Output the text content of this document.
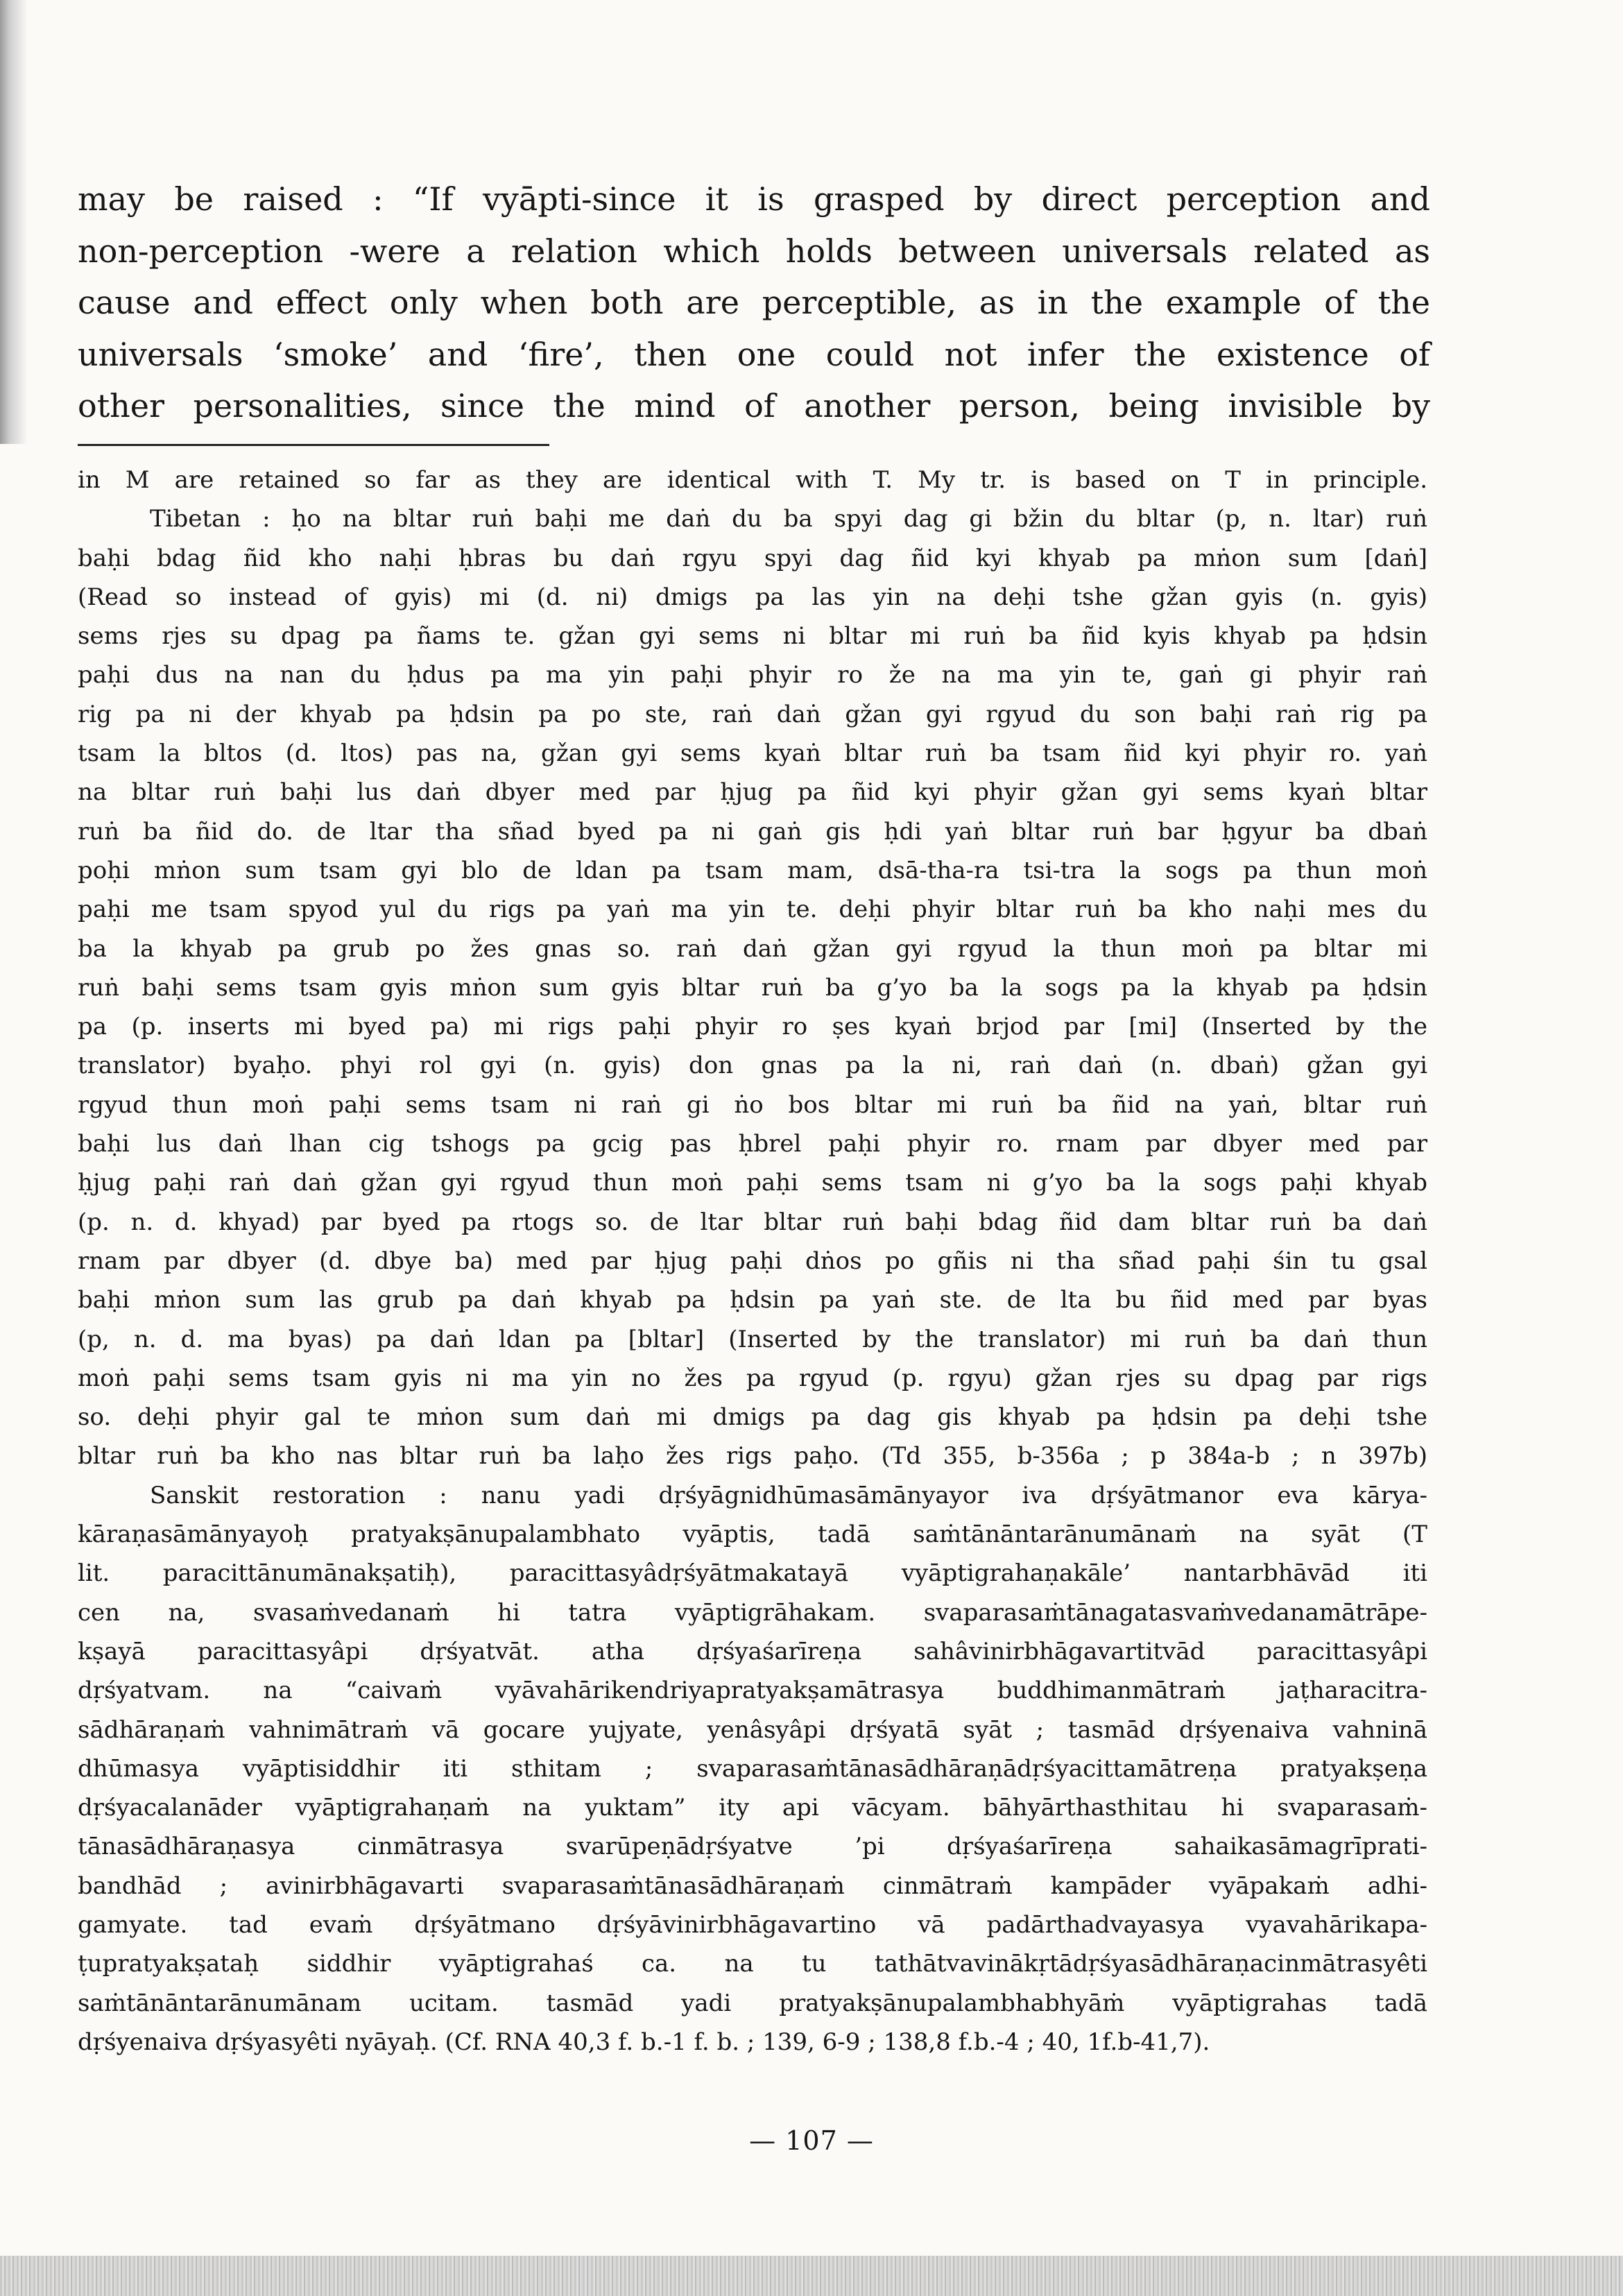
may be raised : “If vyāpti-since it is grasped by direct perception and
non-perception -were a relation which holds between universals related as
cause and effect only when both are perceptible, as in the example of the
universals ‘smoke’ and ‘fire’, then one could not infer the existence of
other personalities, since the mind of another person, being invisible by
in M are retained so far as they are identical with T. My tr. is based on T in principle.
Tibetan : ḥo na bltar ruṅ baḥi me daṅ du ba spyi dag gi bžin du bltar (p, n. ltar) ruṅ
baḥi bdag ñid kho naḥi ḥbras bu daṅ rgyu spyi dag ñid kyi khyab pa mṅon sum [daṅ]
(Read so instead of gyis) mi (d. ni) dmigs pa las yin na deḥi tshe gžan gyis (n. gyis)
sems rjes su dpag pa ñams te. gžan gyi sems ni bltar mi ruṅ ba ñid kyis khyab pa ḥdsin
paḥi dus na nan du ḥdus pa ma yin paḥi phyir ro že na ma yin te, gaṅ gi phyir raṅ
rig pa ni der khyab pa ḥdsin pa po ste, raṅ daṅ gžan gyi rgyud du son baḥi raṅ rig pa
tsam la bltos (d. ltos) pas na, gžan gyi sems kyaṅ bltar ruṅ ba tsam ñid kyi phyir ro. yaṅ
na bltar ruṅ baḥi lus daṅ dbyer med par ḥjug pa ñid kyi phyir gžan gyi sems kyaṅ bltar
ruṅ ba ñid do. de ltar tha sñad byed pa ni gaṅ gis ḥdi yaṅ bltar ruṅ bar ḥgyur ba dbaṅ
poḥi mṅon sum tsam gyi blo de ldan pa tsam mam, dsā-tha-ra tsi-tra la sogs pa thun moṅ
paḥi me tsam spyod yul du rigs pa yaṅ ma yin te. deḥi phyir bltar ruṅ ba kho naḥi mes du
ba la khyab pa grub po žes gnas so. raṅ daṅ gžan gyi rgyud la thun moṅ pa bltar mi
ruṅ baḥi sems tsam gyis mṅon sum gyis bltar ruṅ ba g’yo ba la sogs pa la khyab pa ḥdsin
pa (p. inserts mi byed pa) mi rigs paḥi phyir ro ṣes kyaṅ brjod par [mi] (Inserted by the
translator) byaḥo. phyi rol gyi (n. gyis) don gnas pa la ni, raṅ daṅ (n. dbaṅ) gžan gyi
rgyud thun moṅ paḥi sems tsam ni raṅ gi ṅo bos bltar mi ruṅ ba ñid na yaṅ, bltar ruṅ
baḥi lus daṅ lhan cig tshogs pa gcig pas ḥbrel paḥi phyir ro. rnam par dbyer med par
ḥjug paḥi raṅ daṅ gžan gyi rgyud thun moṅ paḥi sems tsam ni g’yo ba la sogs paḥi khyab
(p. n. d. khyad) par byed pa rtogs so. de ltar bltar ruṅ baḥi bdag ñid dam bltar ruṅ ba daṅ
rnam par dbyer (d. dbye ba) med par ḥjug paḥi dṅos po gñis ni tha sñad paḥi śin tu gsal
baḥi mṅon sum las grub pa daṅ khyab pa ḥdsin pa yaṅ ste. de lta bu ñid med par byas
(p, n. d. ma byas) pa daṅ ldan pa [bltar] (Inserted by the translator) mi ruṅ ba daṅ thun
moṅ paḥi sems tsam gyis ni ma yin no žes pa rgyud (p. rgyu) gžan rjes su dpag par rigs
so. deḥi phyir gal te mṅon sum daṅ mi dmigs pa dag gis khyab pa ḥdsin pa deḥi tshe
bltar ruṅ ba kho nas bltar ruṅ ba laḥo žes rigs paḥo. (Td 355, b-356a ; p 384a-b ; n 397b)
Sanskit restoration : nanu yadi dṛśyāgnidhūmasāmānyayor iva dṛśyātmanor eva kārya-
kāraṇasāmānyayoḥ pratyakṣānupalambhato vyāptis, tadā saṁtānāntarānumānaṁ na syāt (T
lit. paracittānumānakṣatiḥ), paracittasyâdṛśyātmakatayā vyāptigrahaṇakāle’ nantarbhāvād iti
cen na, svasaṁvedanaṁ hi tatra vyāptigrāhakam. svaparasaṁtānagatasvaṁvedanamātrāpe-
kṣayā paracittasyâpi dṛśyatvāt. atha dṛśyaśarīreṇa sahâvinirbhāgavartitvād paracittasyâpi
dṛśyatvam. na “caivaṁ vyāvahārikendriyapratyakṣamātrasya buddhimanmātraṁ jaṭharacitra-
sādhāraṇaṁ vahnimātraṁ vā gocare yujyate, yenâsyâpi dṛśyatā syāt ; tasmād dṛśyenaiva vahninā
dhūmasya vyāptisiddhir iti sthitam ; svaparasaṁtānasādhāraṇādṛśyacittamātreṇa pratyakṣeṇa
dṛśyacalanāder vyāptigrahaṇaṁ na yuktam” ity api vācyam. bāhyārthasthitau hi svaparasaṁ-
tānasādhāraṇasya cinmātrasya svarūpeṇādṛśyatve ’pi dṛśyaśarīreṇa sahaikasāmagrīprati-
bandhād ; avinirbhāgavarti svaparasaṁtānasādhāraṇaṁ cinmātraṁ kampāder vyāpakaṁ adhi-
gamyate. tad evaṁ dṛśyātmano dṛśyāvinirbhāgavartino vā padārthadvayasya vyavahārikapa-
ṭupratyakṣataḥ siddhir vyāptigrahaś ca. na tu tathātvavinākṛtādṛśyasādhāraṇacinmātrasyêti
saṁtānāntarānumānam ucitam. tasmād yadi pratyakṣānupalambhabhyāṁ vyāptigrahas tadā
dṛśyenaiva dṛśyasyêti nyāyaḥ. (Cf. RNA 40,3 f. b.-1 f. b. ; 139, 6-9 ; 138,8 f.b.-4 ; 40, 1f.b-41,7).
— 107 —
